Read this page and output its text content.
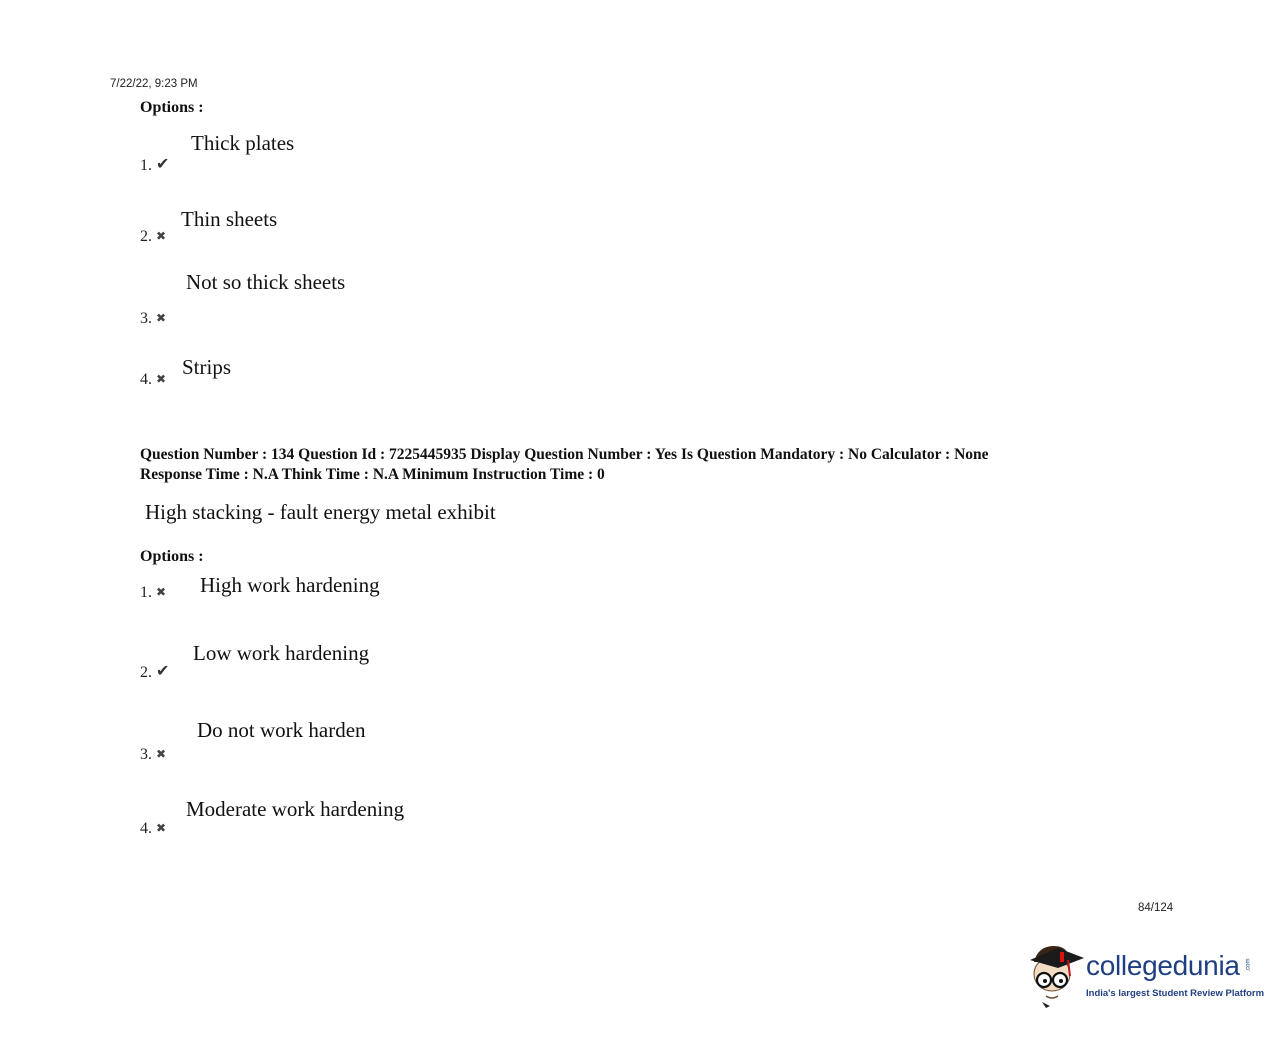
7/22/22, 9:23 PM
Options :
1. ✔
Thick plates
2. ✖
Thin sheets
3. ✖
Not so thick sheets
4. ✖ Strips
Question Number : 134 Question Id : 7225445935 Display Question Number : Yes Is Question Mandatory : No Calculator : None
Response Time : N.A Think Time : N.A Minimum Instruction Time : 0
High stacking - fault energy metal exhibit
Options :
1. ✖ High work hardening
2. ✔
Low work hardening
3. ✖
Do not work harden
4. ✖
Moderate work hardening
84/124
collegedunia .com
India's largest Student Review Platform
